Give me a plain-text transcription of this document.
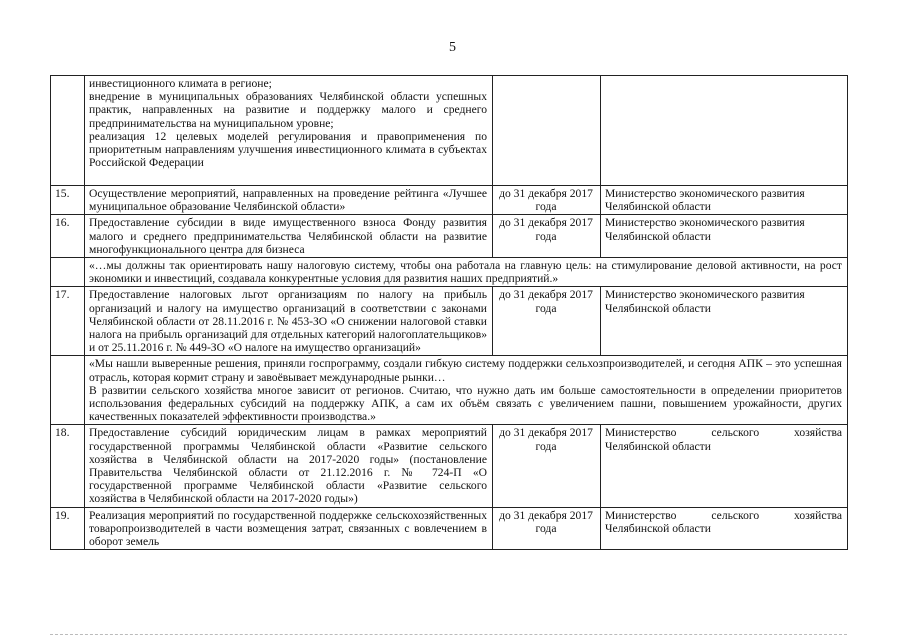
5

	инвестиционного климата в регионе;
внедрение в муниципальных образованиях Челябинской области успешных практик, направленных на развитие и поддержку малого и среднего предпринимательства на муниципальном уровне;
реализация 12 целевых моделей регулирования и правоприменения по приоритетным направлениям улучшения инвестиционного климата в субъектах Российской Федерации		

15.	Осуществление мероприятий, направленных на проведение рейтинга «Лучшее муниципальное образование Челябинской области»	до 31 декабря 2017 года	Министерство экономического развития Челябинской области
16.	Предоставление субсидии в виде имущественного взноса Фонду развития малого и среднего предпринимательства Челябинской области на развитие многофункционального центра для бизнеса	до 31 декабря 2017 года	Министерство экономического развития Челябинской области
	«…мы должны так ориентировать нашу налоговую систему, чтобы она работала на главную цель: на стимулирование деловой активности, на рост экономики и инвестиций, создавала конкурентные условия для развития наших предприятий.»		
17.	Предоставление налоговых льгот организациям по налогу на прибыль организаций и налогу на имущество организаций в соответствии с законами Челябинской области от 28.11.2016 г. № 453-ЗО «О снижении налоговой ставки налога на прибыль организаций для отдельных категорий налогоплательщиков» и от 25.11.2016 г. № 449-ЗО «О налоге на имущество организаций»	до 31 декабря 2017 года	Министерство экономического развития Челябинской области

	«Мы нашли выверенные решения, приняли госпрограмму, создали гибкую систему поддержки сельхозпроизводителей, и сегодня АПК – это успешная отрасль, которая кормит страну и завоёвывает международные рынки…
В развитии сельского хозяйства многое зависит от регионов. Считаю, что нужно дать им больше самостоятельности в определении приоритетов использования федеральных субсидий на поддержку АПК, а сам их объём связать с увеличением пашни, повышением урожайности, других качественных показателей эффективности производства.»		

18.	Предоставление субсидий юридическим лицам в рамках мероприятий государственной программы Челябинской области «Развитие сельского хозяйства в Челябинской области на 2017-2020 годы» (постановление Правительства Челябинской области от 21.12.2016 г. № 724-П «О государственной программе Челябинской области «Развитие сельского хозяйства в Челябинской области на 2017-2020 годы»)	до 31 декабря 2017 года	Министерство сельского хозяйства Челябинской области
19.	Реализация мероприятий по государственной поддержке сельскохозяйственных товаропроизводителей в части возмещения затрат, связанных с вовлечением в оборот земель	до 31 декабря 2017 года	Министерство сельского хозяйства Челябинской области
